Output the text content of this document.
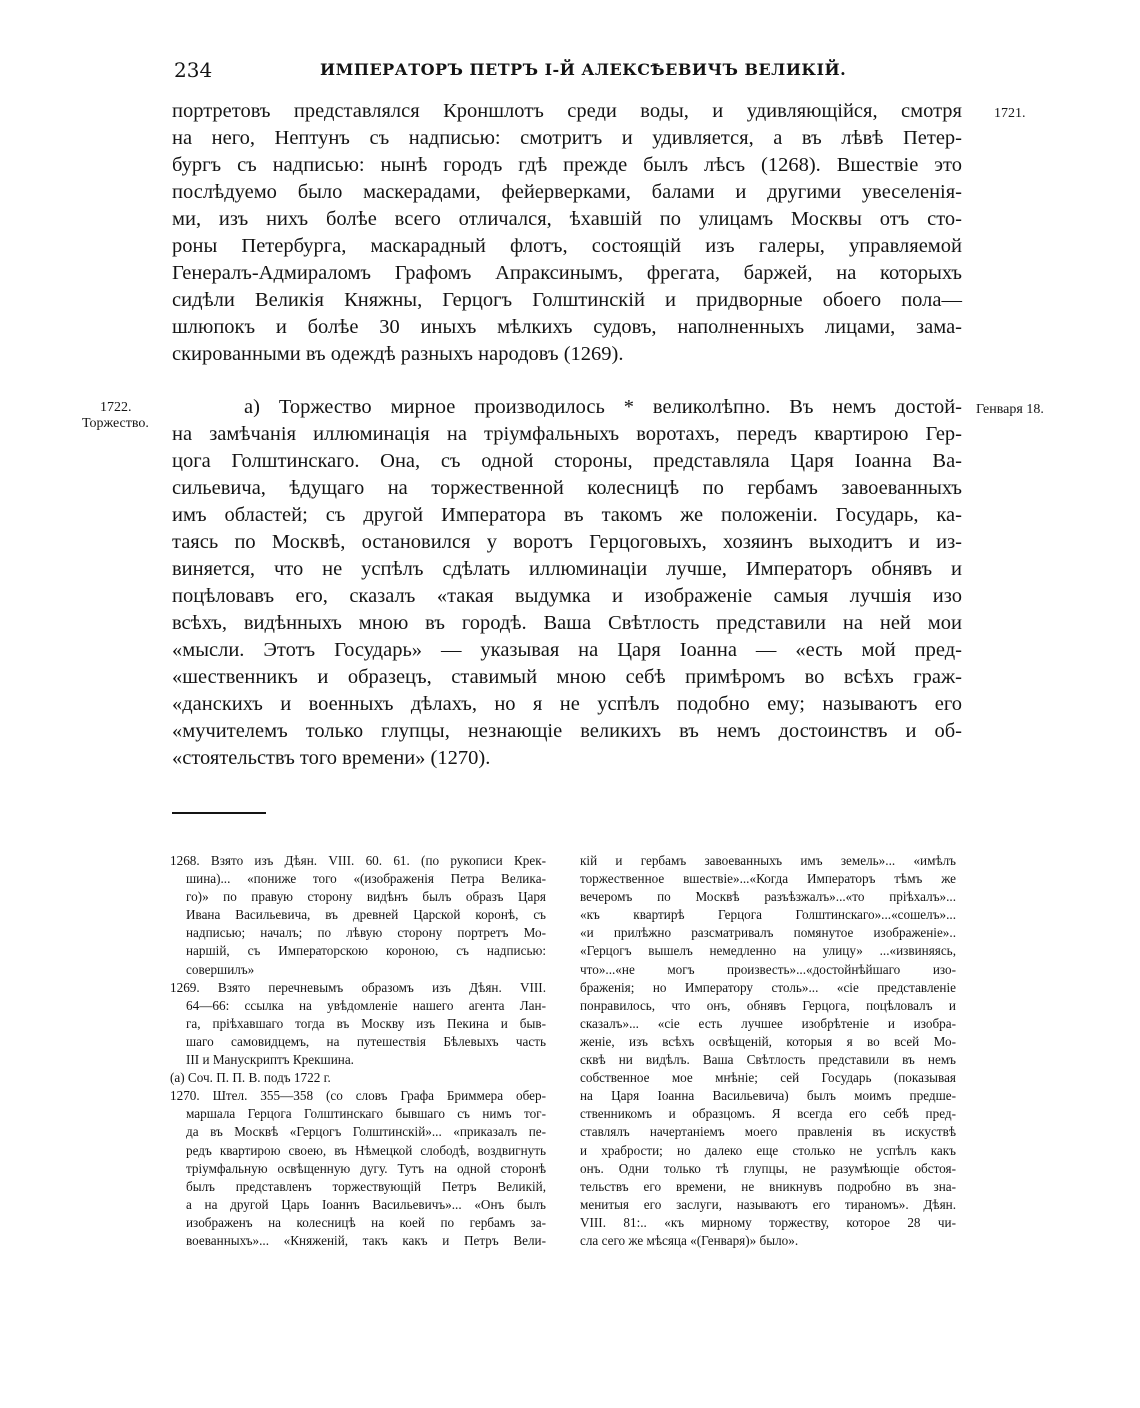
234	ИМПЕРАТОРЪ ПЕТРЪ I-Й АЛЕКСѢЕВИЧЪ ВЕЛИКІЙ.
1721.
1722.
Торжество.
Генваря 18.
портретовъ представлялся Кроншлотъ среди воды, и удивляющійся, смотря
на него, Нептунъ съ надписью: смотритъ и удивляется, а въ лѣвѣ Петер-
бургъ съ надписью: нынѣ городъ гдѣ прежде былъ лѣсъ (1268). Вшествіе это
послѣдуемо было маскерадами, фейерверками, балами и другими увеселенія-
ми, изъ нихъ болѣе всего отличался, ѣхавшій по улицамъ Москвы отъ сто-
роны Петербурга, маскарадный флотъ, состоящій изъ галеры, управляемой
Генералъ-Адмираломъ Графомъ Апраксинымъ, фрегата, баржей, на которыхъ
сидѣли Великія Княжны, Герцогъ Голштинскій и придворные обоего пола—
шлюпокъ и болѣе 30 иныхъ мѣлкихъ судовъ, наполненныхъ лицами, зама-
скированными въ одеждѣ разныхъ народовъ (1269).
а) Торжество мирное производилось * великолѣпно. Въ немъ достой-
на замѣчанія иллюминація на тріумфальныхъ воротахъ, передъ квартирою Гер-
цога Голштинскаго. Она, съ одной стороны, представляла Царя Іоанна Ва-
сильевича, ѣдущаго на торжественной колесницѣ по гербамъ завоеванныхъ
имъ областей; съ другой Императора въ такомъ же положеніи. Государь, ка-
таясь по Москвѣ, остановился у воротъ Герцоговыхъ, хозяинъ выходитъ и из-
виняется, что не успѣлъ сдѣлать иллюминаціи лучше, Императоръ обнявъ и
поцѣловавъ его, сказалъ «такая выдумка и изображеніе самыя лучшія изо
всѣхъ, видѣнныхъ мною въ городѣ. Ваша Свѣтлость представили на ней мои
«мысли. Этотъ Государь» — указывая на Царя Іоанна — «есть мой пред-
«шественникъ и образецъ, ставимый мною себѣ примѣромъ во всѣхъ граж-
«данскихъ и военныхъ дѣлахъ, но я не успѣлъ подобно ему; называютъ его
«мучителемъ только глупцы, незнающіе великихъ въ немъ достоинствъ и об-
«стоятельствъ того времени» (1270).
1268. Взято изъ Дѣян. VIII. 60. 61. (по рукописи Крек-
шина)... «пониже того «(изображенія Петра Великa-
го)» по правую сторону видѣнъ былъ образъ Царя
Ивана Васильевича, въ древней Царской коронѣ, съ
надписью; началъ; по лѣвую сторону портретъ Мо-
наршій, съ Императорскою короною, съ надписью:
совершилъ»
1269. Взято перечневымъ образомъ изъ Дѣян. VIII.
64—66: ссылка на увѣдомленіе нашего агента Лан-
га, пріѣхавшаго тогда въ Москву изъ Пекина и быв-
шаго самовидцемъ, на путешествія Бѣлевыхъ часть
III и Манускриптъ Крекшина.
(a) Соч. П. П. В. подъ 1722 г.
1270. Штел. 355—358 (со словъ Графа Бриммера обер-
маршала Герцога Голштинскаго бывшаго съ нимъ тог-
да въ Москвѣ «Герцогъ Голштинскій»... «приказалъ пе-
редъ квартирою своею, въ Нѣмецкой слободѣ, воздвигнуть
тріумфальную освѣщенную дугу. Тутъ на одной сторонѣ
былъ представленъ торжествующій Петръ Великій,
а на другой Царь Іоаннъ Васильевичъ»... «Онъ былъ
изображенъ на колесницѣ на коей по гербамъ за-
воеванныхъ»... «Княженій, такъ какъ и Петръ Вели-
кій и гербамъ завоеванныхъ имъ земель»... «имѣлъ
торжественное вшествіе»...«Когда Императоръ тѣмъ же
вечеромъ по Москвѣ разъѣзжалъ»...«то пріѣхалъ»...
«къ квартирѣ Герцога Голштинскаго»...«сошелъ»...
«и прилѣжно разсматривалъ помянутое изображеніе»..
«Герцогъ вышелъ немедленно на улицу» ...«извиняясь,
что»...«не могъ произвесть»...«достойнѣйшаго изо-
браженія; но Императору столь»... «сіе представленіе
понравилось, что онъ, обнявъ Герцога, поцѣловалъ и
сказалъ»... «сіе есть лучшее изобрѣтеніе и изобра-
женіе, изъ всѣхъ освѣщеній, которыя я во всей Мо-
сквѣ ни видѣлъ. Ваша Свѣтлость представили въ немъ
собственное мое мнѣніе; сей Государь (показывая
на Царя Іоанна Васильевича) былъ моимъ предше-
ственникомъ и образцомъ. Я всегда его себѣ пред-
ставлялъ начертаніемъ моего правленія въ искуствѣ
и храбрости; но далеко еще столько не успѣлъ какъ
онъ. Одни только тѣ глупцы, не разумѣющіе обстоя-
тельствъ его времени, не вникнувъ подробно въ зна-
менитыя его заслуги, называютъ его тираномъ». Дѣян.
VIII. 81:.. «къ мирному торжеству, которое 28 чи-
сла сего же мѣсяца «(Генваря)» было».
